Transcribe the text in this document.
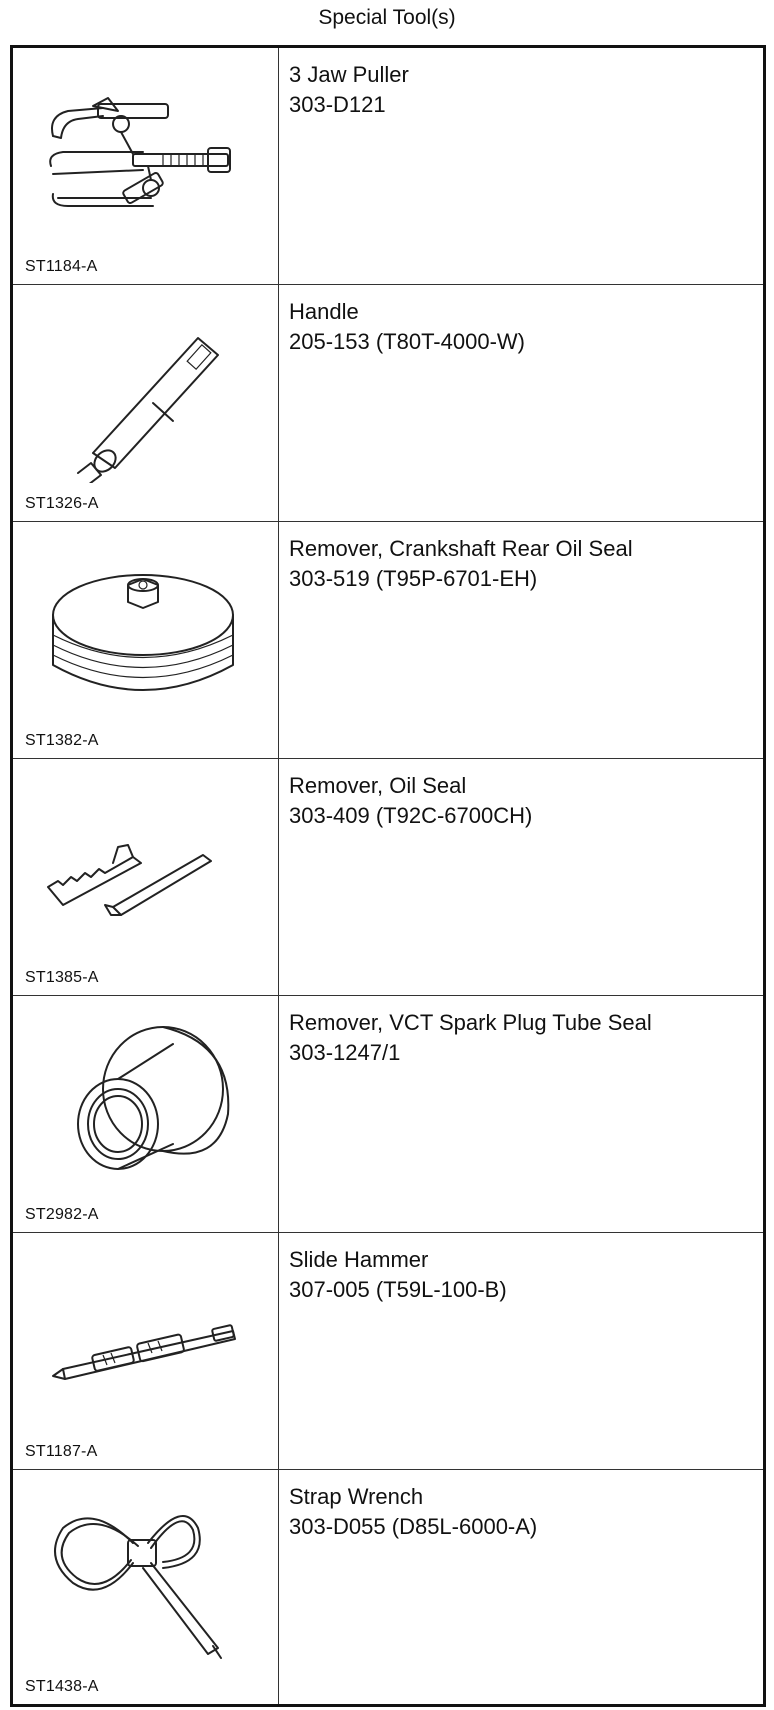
Special Tool(s)
ST1184-A
3 Jaw Puller
303-D121
ST1326-A
Handle
205-153 (T80T-4000-W)
ST1382-A
Remover, Crankshaft Rear Oil Seal
303-519 (T95P-6701-EH)
ST1385-A
Remover, Oil Seal
303-409 (T92C-6700CH)
ST2982-A
Remover, VCT Spark Plug Tube Seal
303-1247/1
ST1187-A
Slide Hammer
307-005 (T59L-100-B)
ST1438-A
Strap Wrench
303-D055 (D85L-6000-A)
